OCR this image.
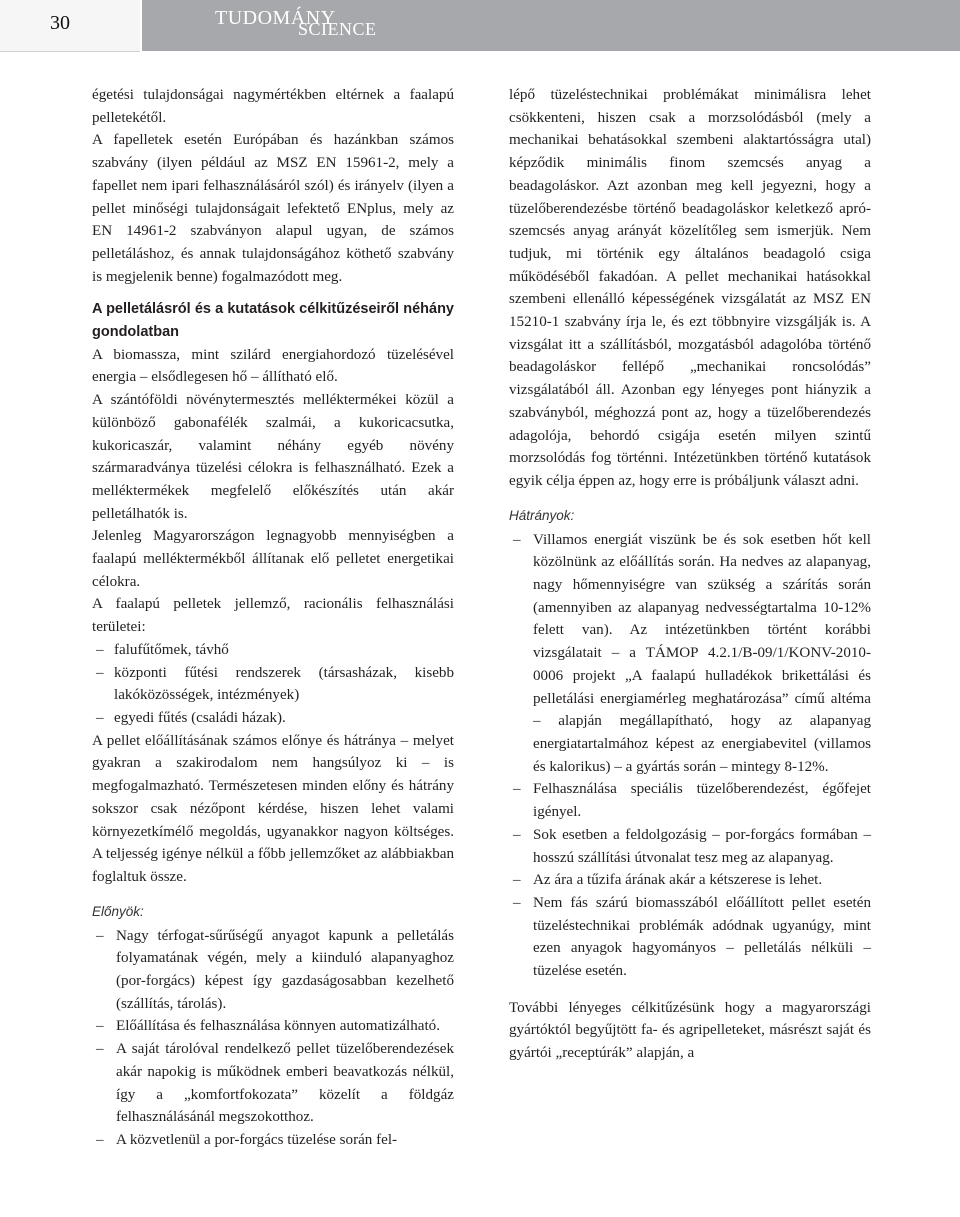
30	TUDOMÁNY
SCIENCE

égetési tulajdonságai nagymértékben eltérnek a faalapú pelletekétől.

A fapelletek esetén Európában és hazánkban számos szabvány (ilyen például az MSZ EN 15961-2, mely a fapellet nem ipari felhasználásáról szól) és irányelv (ilyen a pellet minőségi tulajdonságait lefektető ENplus, mely az EN 14961-2 szabványon alapul ugyan, de számos pelletáláshoz, és annak tulajdonságához köthető szabvány is megjelenik benne) fogalmazódott meg.

A pelletálásról és a kutatások célkitűzéseiről néhány gondolatban

A biomassza, mint szilárd energiahordozó tüzelésével energia – elsődlegesen hő – állítható elő.

A szántóföldi növénytermesztés melléktermékei közül a különböző gabonafélék szalmái, a kukoricacsutka, kukoricaszár, valamint néhány egyéb növény szármaradványa tüzelési célokra is felhasználható. Ezek a melléktermékek megfelelő előkészítés után akár pelletálhatók is.

Jelenleg Magyarországon legnagyobb mennyiségben a faalapú melléktermékből állítanak elő pelletet energetikai célokra.

A faalapú pelletek jellemző, racionális felhasználási területei:

– falufűtőmek, távhő
– központi fűtési rendszerek (társasházak, kisebb lakóközösségek, intézmények)
– egyedi fűtés (családi házak).

A pellet előállításának számos előnye és hátránya – melyet gyakran a szakirodalom nem hangsúlyoz ki – is megfogalmazható. Természetesen minden előny és hátrány sokszor csak nézőpont kérdése, hiszen lehet valami környezetkímélő megoldás, ugyanakkor nagyon költséges. A teljesség igénye nélkül a főbb jellemzőket az alábbiakban foglaltuk össze.

Előnyök:
– Nagy térfogat-sűrűségű anyagot kapunk a pelletálás folyamatának végén, mely a kiinduló alapanyaghoz (por-forgács) képest így gazdaságosabban kezelhető (szállítás, tárolás).
– Előállítása és felhasználása könnyen automatizálható.
– A saját tárolóval rendelkező pellet tüzelőberendezések akár napokig is működnek emberi beavatkozás nélkül, így a „komfortfokozata” közelít a földgáz felhasználásánál megszokotthoz.
– A közvetlenül a por-forgács tüzelése során fel-

lépő tüzeléstechnikai problémákat minimálisra lehet csökkenteni, hiszen csak a morzsolódásból (mely a mechanikai behatásokkal szembeni alaktartósságra utal) képződik minimális finom szemcsés anyag a beadagoláskor. Azt azonban meg kell jegyezni, hogy a tüzelőberendezésbe történő beadagoláskor keletkező apró-szemcsés anyag arányát közelítőleg sem ismerjük. Nem tudjuk, mi történik egy általános beadagoló csiga működéséből fakadóan. A pellet mechanikai hatásokkal szembeni ellenálló képességének vizsgálatát az MSZ EN 15210-1 szabvány írja le, és ezt többnyire vizsgálják is. A vizsgálat itt a szállításból, mozgatásból adagolóba történő beadagoláskor fellépő „mechanikai roncsolódás” vizsgálatából áll. Azonban egy lényeges pont hiányzik a szabványból, méghozzá pont az, hogy a tüzelőberendezés adagolója, behordó csigája esetén milyen szintű morzsolódás fog történni. Intézetünkben történő kutatások egyik célja éppen az, hogy erre is próbáljunk választ adni.

Hátrányok:
– Villamos energiát viszünk be és sok esetben hőt kell közölnünk az előállítás során. Ha nedves az alapanyag, nagy hőmennyiségre van szükség a szárítás során (amennyiben az alapanyag nedvességtartalma 10-12% felett van). Az intézetünkben történt korábbi vizsgálatait – a TÁMOP 4.2.1/B-09/1/KONV-2010-0006 projekt „A faalapú hulladékok brikettálási és pelletálási energiamérleg meghatározása” című altéma – alapján megállapítható, hogy az alapanyag energiatartalmához képest az energiabevitel (villamos és kalorikus) – a gyártás során – mintegy 8-12%.
– Felhasználása speciális tüzelőberendezést, égőfejet igényel.
– Sok esetben a feldolgozásig – por-forgács formában – hosszú szállítási útvonalat tesz meg az alapanyag.
– Az ára a tűzifa árának akár a kétszerese is lehet.
– Nem fás szárú biomasszából előállított pellet esetén tüzeléstechnikai problémák adódnak ugyanúgy, mint ezen anyagok hagyományos – pelletálás nélküli – tüzelése esetén.

További lényeges célkitűzésünk hogy a magyarországi gyártóktól begyűjtött fa- és agripelleteket, másrészt saját és gyártói „receptúrák” alapján, a
